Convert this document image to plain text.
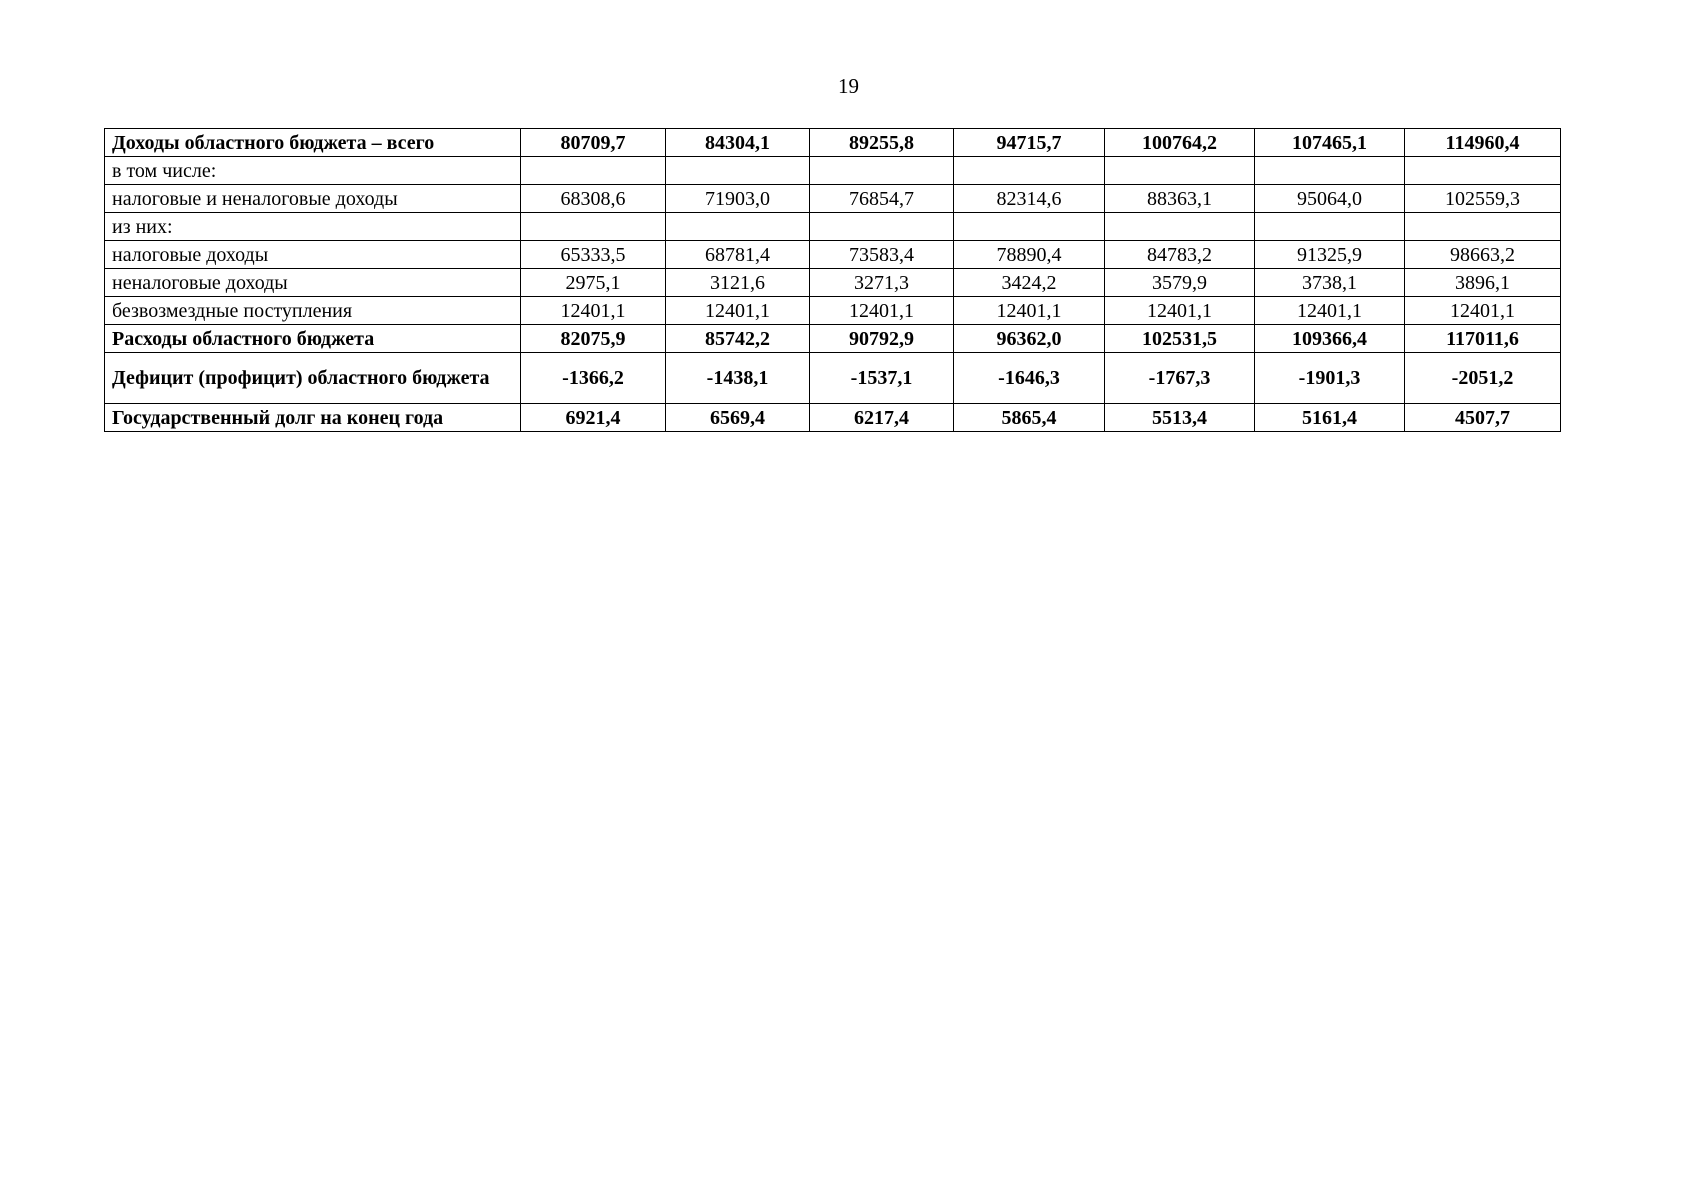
19
Доходы областного бюджета – всего	80709,7	84304,1	89255,8	94715,7	100764,2	107465,1	114960,4
в том числе:							
налоговые и неналоговые доходы	68308,6	71903,0	76854,7	82314,6	88363,1	95064,0	102559,3
из них:							
налоговые доходы	65333,5	68781,4	73583,4	78890,4	84783,2	91325,9	98663,2
неналоговые доходы	2975,1	3121,6	3271,3	3424,2	3579,9	3738,1	3896,1
безвозмездные поступления	12401,1	12401,1	12401,1	12401,1	12401,1	12401,1	12401,1
Расходы областного бюджета	82075,9	85742,2	90792,9	96362,0	102531,5	109366,4	117011,6
Дефицит (профицит) областного бюджета	-1366,2	-1438,1	-1537,1	-1646,3	-1767,3	-1901,3	-2051,2
Государственный долг на конец года	6921,4	6569,4	6217,4	5865,4	5513,4	5161,4	4507,7
